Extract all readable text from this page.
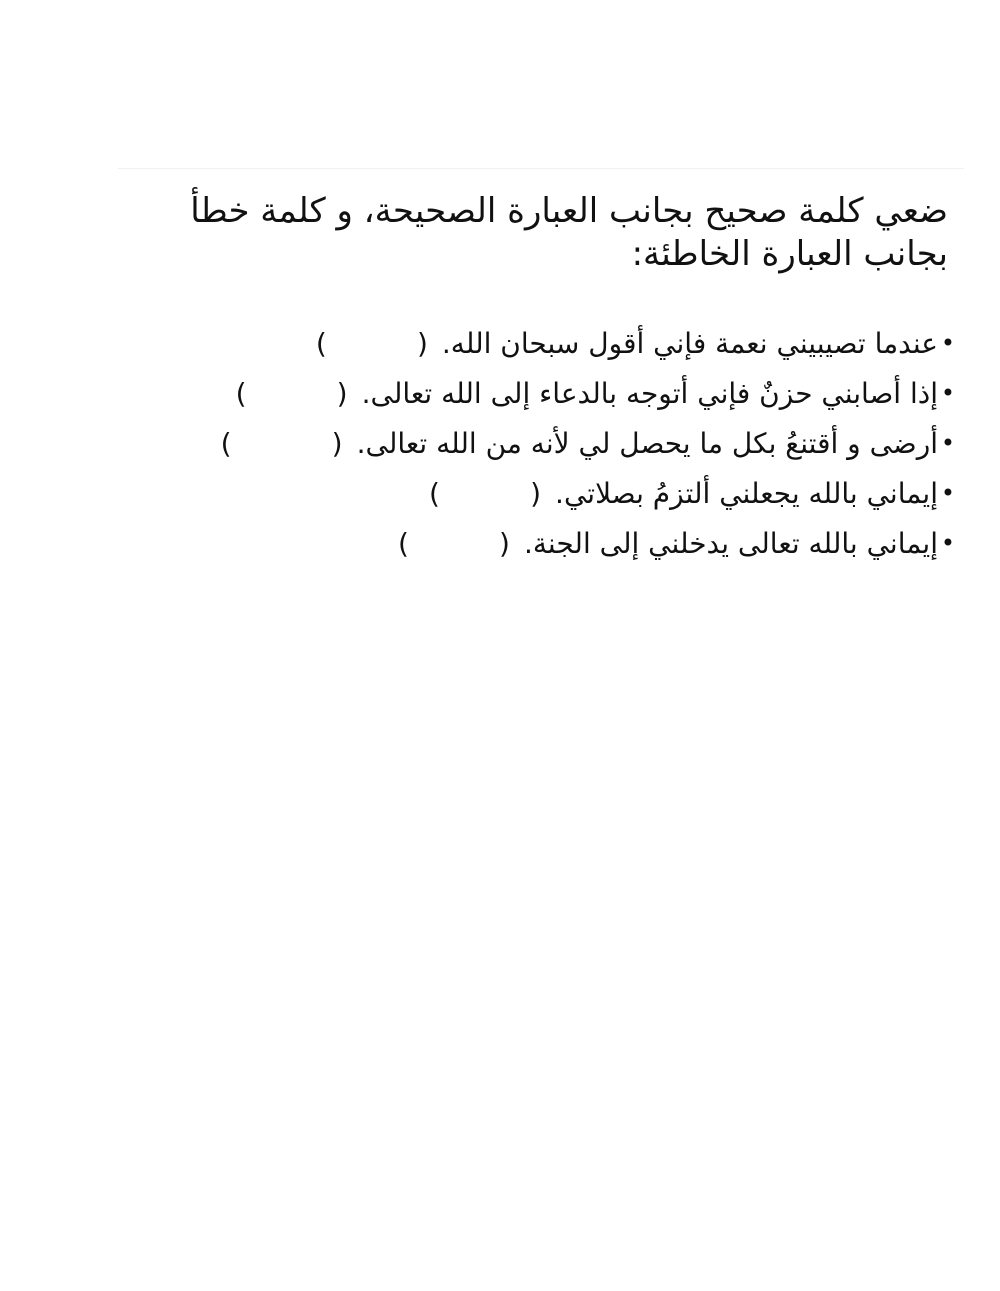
ضعي كلمة صحيح بجانب العبارة الصحيحة، و كلمة خطأ
بجانب العبارة الخاطئة:
•
عندما تصيبيني نعمة فإني أقول سبحان الله.
(	)
•
إذا أصابني حزنٌ فإني أتوجه بالدعاء إلى الله تعالى.
(	)
•
أرضى و أقتنعُ بكل ما يحصل لي لأنه من الله تعالى.
(	)
•
إيماني بالله يجعلني ألتزمُ بصلاتي.
(	)
•
إيماني بالله تعالى يدخلني إلى الجنة.
(	)
